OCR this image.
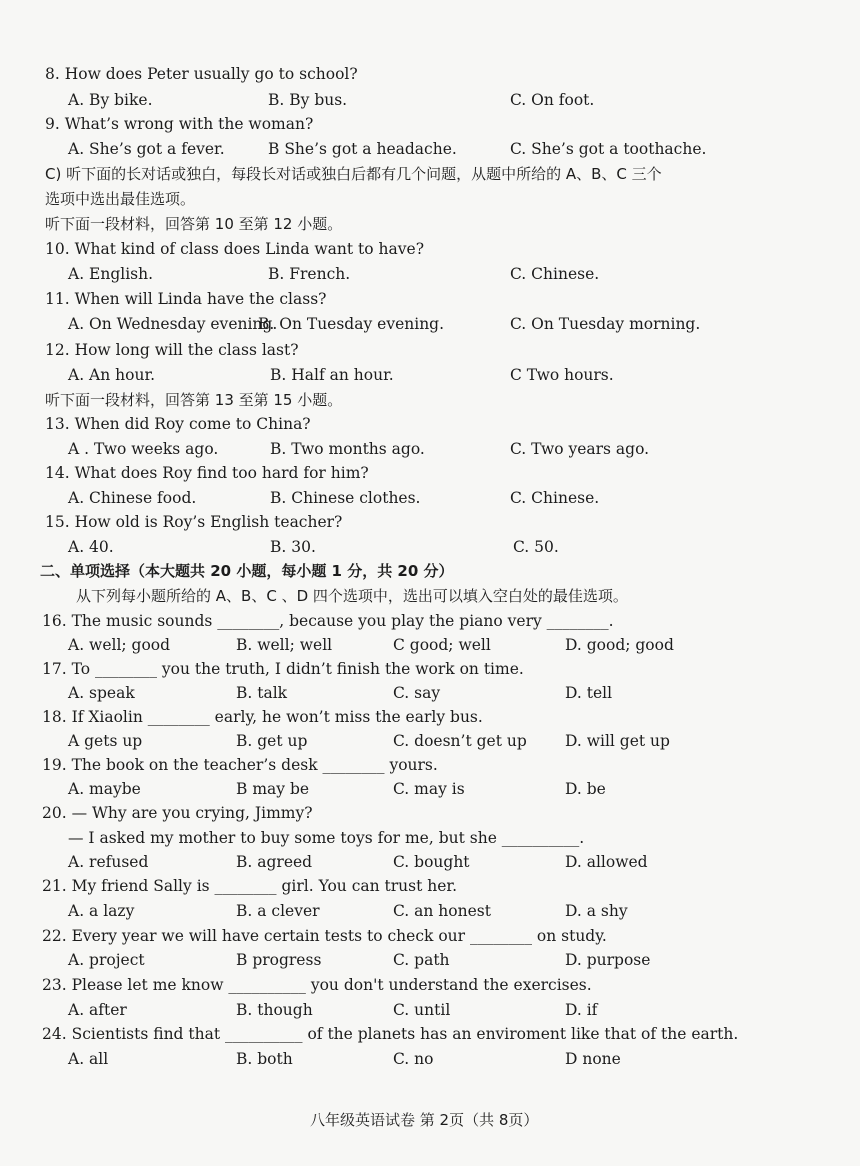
8. How does Peter usually go to school?
A. By bike.	B. By bus.	C. On foot.
9. What’s wrong with the woman?
A. She’s got a fever.	B She’s got a headache.	C. She’s got a toothache.
C) 听下面的长对话或独白，每段长对话或独白后都有几个问题，从题中所给的 A、B、C 三个
选项中选出最佳选项。
听下面一段材料，回答第 10 至第 12 小题。
10. What kind of class does Linda want to have?
A. English.	B. French.	C. Chinese.
11. When will Linda have the class?
A. On Wednesday evening.
B. On Tuesday evening.	C. On Tuesday morning.
12. How long will the class last?
A. An hour.	B. Half an hour.	C Two hours.
听下面一段材料，回答第 13 至第 15 小题。
13. When did Roy come to China?
A . Two weeks ago.	B. Two months ago.	C. Two years ago.
14. What does Roy find too hard for him?
A. Chinese food.	B. Chinese clothes.	C. Chinese.
15. How old is Roy’s English teacher?
A. 40.	B. 30.	C. 50.
二、单项选择（本大题共 20 小题，每小题 1 分，共 20 分）
从下列每小题所给的 A、B、C 、D 四个选项中，选出可以填入空白处的最佳选项。
16. The music sounds ________, because you play the piano very ________.
A. well; good	B. well; well	C good; well	D. good; good
17. To ________ you the truth, I didn’t finish the work on time.
A. speak	B. talk	C. say	D. tell
18. If Xiaolin ________ early, he won’t miss the early bus.
A gets up	B. get up	C. doesn’t get up D. will get up
19. The book on the teacher’s desk ________ yours.
A. maybe	B may be	C. may is	D. be
20. — Why are you crying, Jimmy?
— I asked my mother to buy some toys for me, but she __________.
A. refused	B. agreed	C. bought	D. allowed
21. My friend Sally is ________ girl. You can trust her.
A. a lazy	B. a clever	C. an honest	D. a shy
22. Every year we will have certain tests to check our ________ on study.
A. project	B progress	C. path	D. purpose
23. Please let me know __________ you don't understand the exercises.
A. after	B. though	C. until	D. if
24. Scientists find that __________ of the planets has an enviroment like that of the earth.
A. all	B. both	C. no	D none
八年级英语试卷 第 2页（共 8页）
